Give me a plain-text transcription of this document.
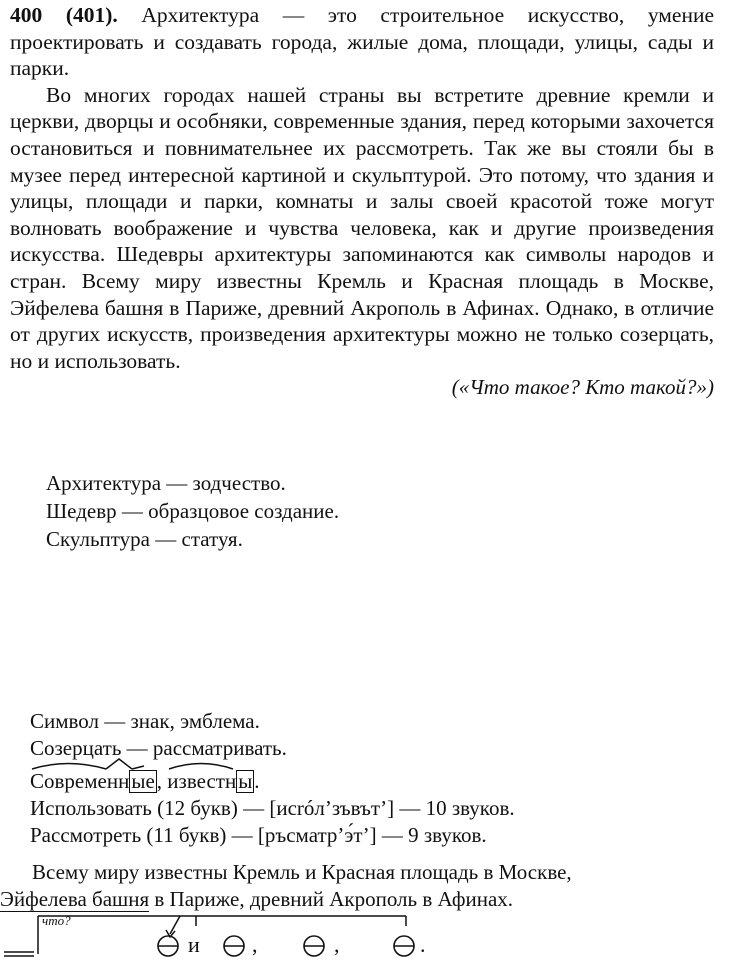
400 (401). Архитектура — это строительное искусство, умение проектировать и создавать города, жилые дома, площади, улицы, сады и парки.

Во многих городах нашей страны вы встретите древние кремли и церкви, дворцы и особняки, современные здания, перед которыми захочется остановиться и повнимательнее их рассмотреть. Так же вы стояли бы в музее перед интересной картиной и скульптурой. Это потому, что здания и улицы, площади и парки, комнаты и залы своей красотой тоже могут волновать воображение и чувства человека, как и другие произведения искусства. Шедевры архитектуры запоминаются как символы народов и стран. Всему миру известны Кремль и Красная площадь в Москве, Эйфелева башня в Париже, древний Акрополь в Афинах. Однако, в отличие от других искусств, произведения архитектуры можно не только созерцать, но и использовать.

(«Что такое? Кто такой?»)

Архитектура — зодчество.
Шедевр — образцовое создание.
Скульптура — статуя.
Символ — знак, эмблема.
Созерцать — рассматривать.
Современные, известны.
Использовать (12 букв) — [исróл’зъвът’] — 10 звуков.
Рассмотреть (11 букв) — [ръсматр’э́т’] — 9 звуков.
Всему миру известны Кремль и Красная площадь в Москве,
Эйфелева башня в Париже, древний Акрополь в Афинах.
что?
и ,	,	.
